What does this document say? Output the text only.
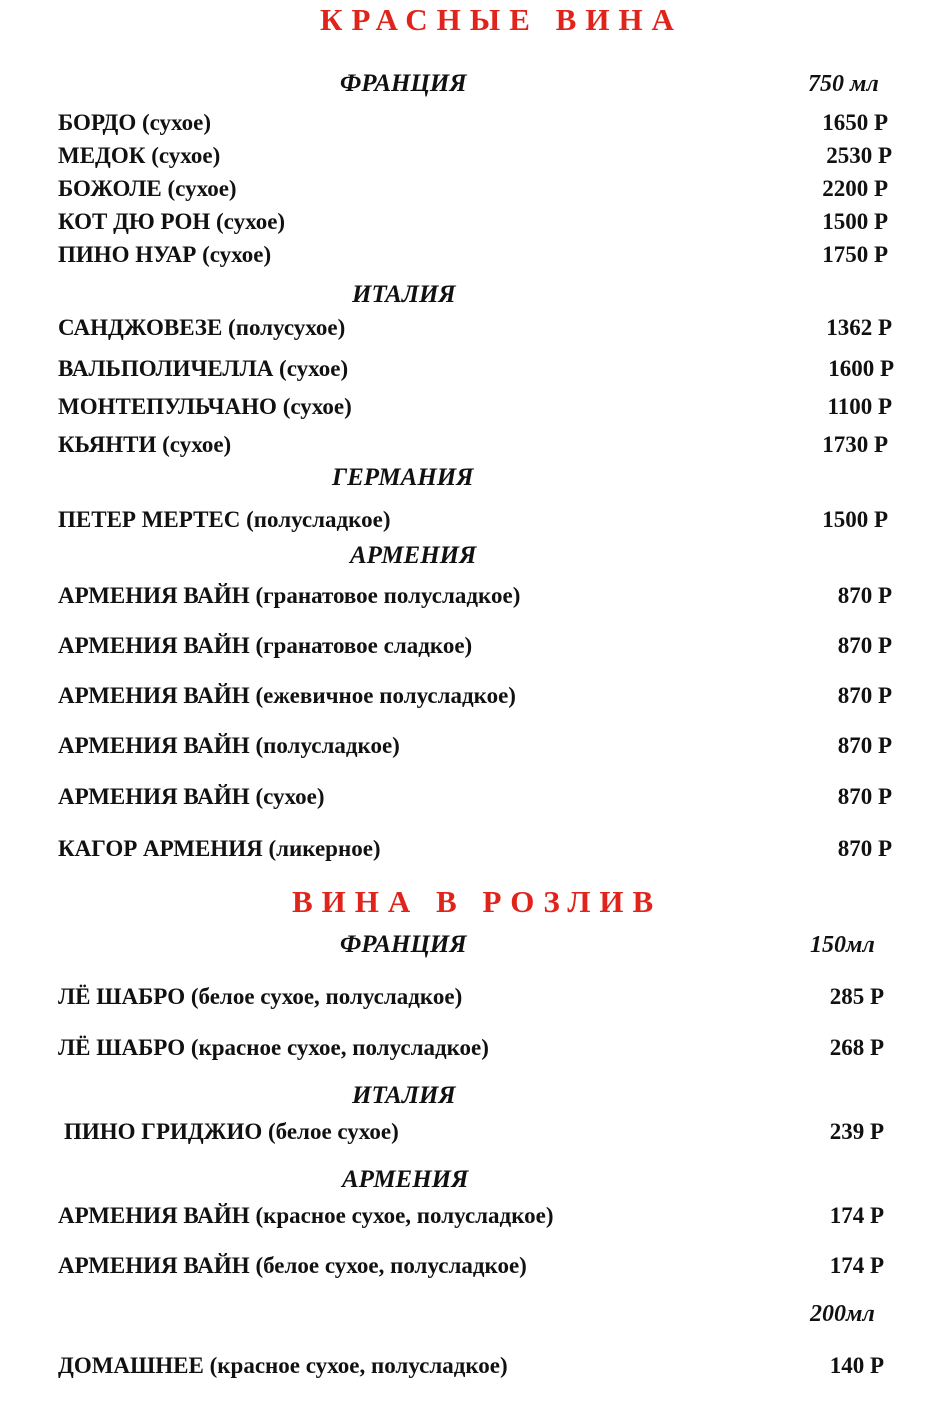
КРАСНЫЕ ВИНА
ФРАНЦИЯ	750 мл
БОРДО (сухое)	1650 Р
МЕДОК (сухое)	2530 Р
БОЖОЛЕ (сухое)	2200 Р
КОТ ДЮ РОН (сухое)	1500 Р
ПИНО НУАР (сухое)	1750 Р
ИТАЛИЯ
САНДЖОВЕЗЕ (полусухое)	1362 Р
ВАЛЬПОЛИЧЕЛЛА (сухое)	1600 Р
МОНТЕПУЛЬЧАНО (сухое)	1100 Р
КЬЯНТИ (сухое)	1730 Р
ГЕРМАНИЯ
ПЕТЕР МЕРТЕС (полусладкое)	1500 Р
АРМЕНИЯ
АРМЕНИЯ ВАЙН (гранатовое полусладкое)	870 Р
АРМЕНИЯ ВАЙН (гранатовое сладкое)	870 Р
АРМЕНИЯ ВАЙН (ежевичное полусладкое)	870 Р
АРМЕНИЯ ВАЙН (полусладкое)	870 Р
АРМЕНИЯ ВАЙН (сухое)	870 Р
КАГОР АРМЕНИЯ (ликерное)	870 Р
ВИНА В РОЗЛИВ
ФРАНЦИЯ	150мл
ЛЁ ШАБРО (белое сухое, полусладкое)	285 Р
ЛЁ ШАБРО (красное сухое, полусладкое)	268 Р
ИТАЛИЯ
ПИНО ГРИДЖИО (белое сухое)	239 Р
АРМЕНИЯ
АРМЕНИЯ ВАЙН (красное сухое, полусладкое)	174 Р
АРМЕНИЯ ВАЙН (белое сухое, полусладкое)	174 Р
200мл
ДОМАШНЕЕ (красное сухое, полусладкое)	140 Р
